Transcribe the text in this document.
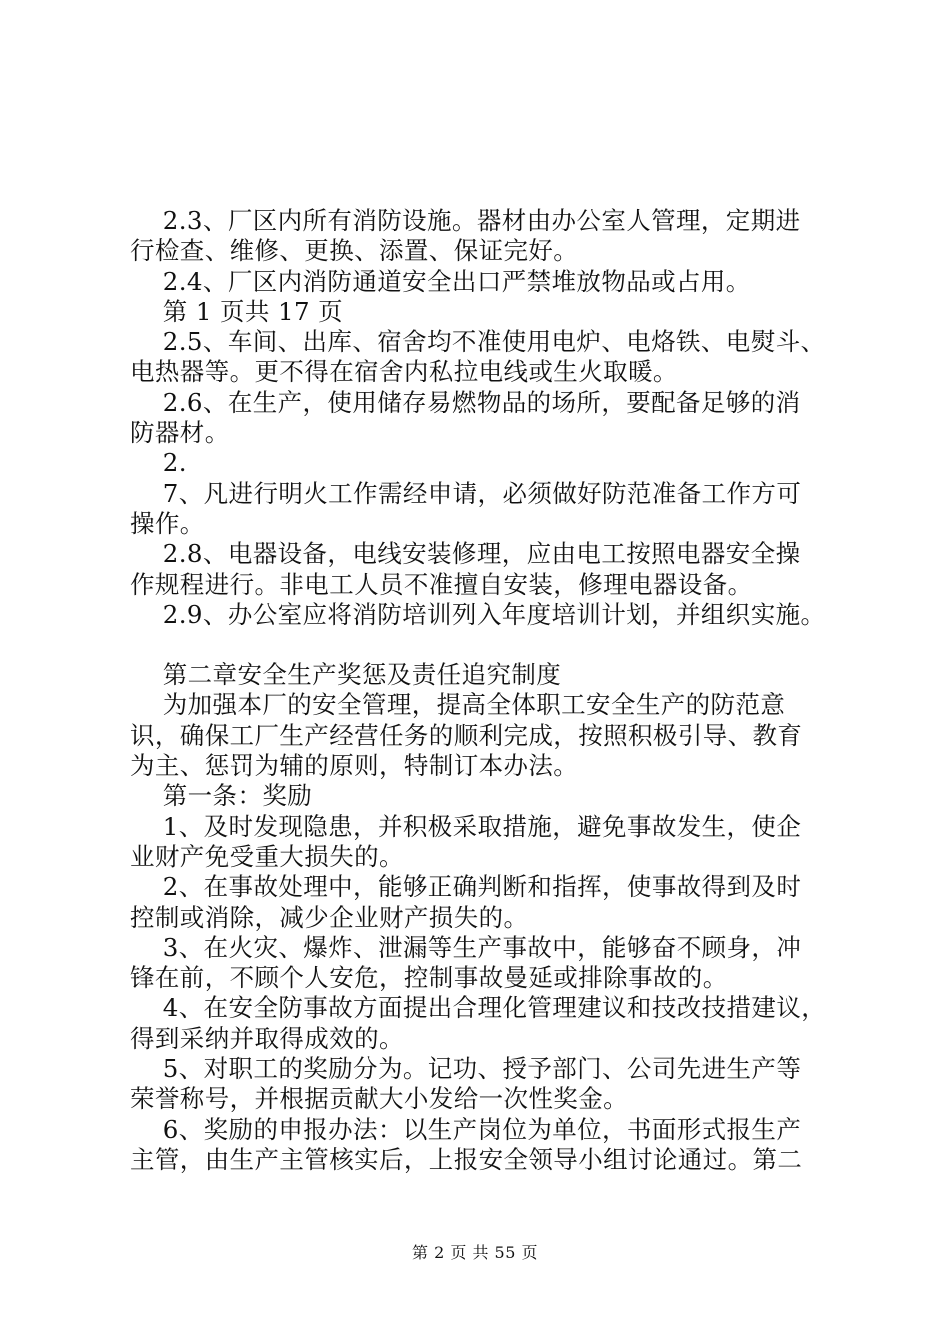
2.3、厂区内所有消防设施。器材由办公室人管理，定期进
行检查、维修、更换、添置、保证完好。
2.4、厂区内消防通道安全出口严禁堆放物品或占用。
第 1 页共 17 页
2.5、车间、出库、宿舍均不准使用电炉、电烙铁、电熨斗、
电热器等。更不得在宿舍内私拉电线或生火取暖。
2.6、在生产，使用储存易燃物品的场所，要配备足够的消
防器材。
2.
7、凡进行明火工作需经申请，必须做好防范准备工作方可
操作。
2.8、电器设备，电线安装修理，应由电工按照电器安全操
作规程进行。非电工人员不准擅自安装，修理电器设备。
2.9、办公室应将消防培训列入年度培训计划，并组织实施。
第二章安全生产奖惩及责任追究制度
为加强本厂的安全管理，提高全体职工安全生产的防范意
识，确保工厂生产经营任务的顺利完成，按照积极引导、教育
为主、惩罚为辅的原则，特制订本办法。
第一条：奖励
1、及时发现隐患，并积极采取措施，避免事故发生，使企
业财产免受重大损失的。
2、在事故处理中，能够正确判断和指挥，使事故得到及时
控制或消除，减少企业财产损失的。
3、在火灾、爆炸、泄漏等生产事故中，能够奋不顾身，冲
锋在前，不顾个人安危，控制事故曼延或排除事故的。
4、在安全防事故方面提出合理化管理建议和技改技措建议，
得到采纳并取得成效的。
5、对职工的奖励分为。记功、授予部门、公司先进生产等
荣誉称号，并根据贡献大小发给一次性奖金。
6、奖励的申报办法：以生产岗位为单位，书面形式报生产
主管，由生产主管核实后，上报安全领导小组讨论通过。第二
第 2 页 共 55 页
